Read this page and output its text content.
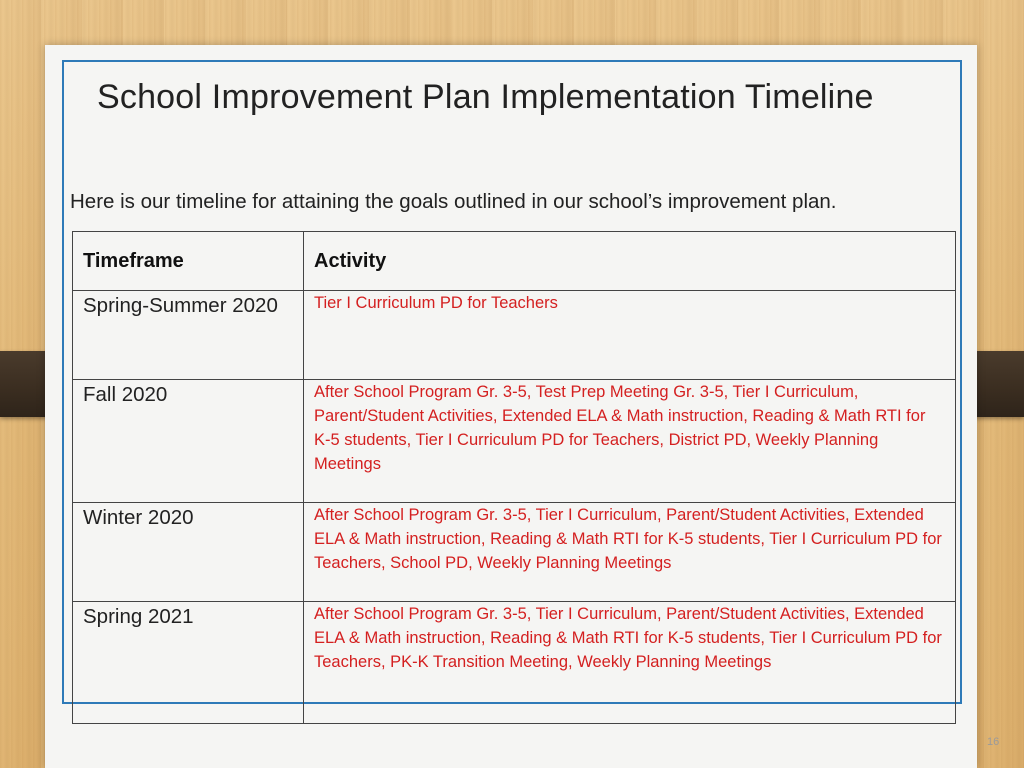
School Improvement Plan Implementation Timeline
Here is our timeline for attaining the goals outlined in our school’s improvement plan.
Timeframe	Activity
Spring-Summer 2020	Tier I Curriculum PD for Teachers
Fall 2020	After School Program Gr. 3-5, Test Prep Meeting Gr. 3-5, Tier I Curriculum, Parent/Student Activities, Extended ELA & Math instruction, Reading & Math RTI for K-5 students, Tier I Curriculum PD for Teachers, District PD, Weekly Planning Meetings
Winter 2020	After School Program Gr. 3-5, Tier I Curriculum, Parent/Student Activities, Extended ELA & Math instruction, Reading & Math RTI for K-5 students, Tier I Curriculum PD for Teachers, School PD, Weekly Planning Meetings
Spring 2021	After School Program Gr. 3-5, Tier I Curriculum, Parent/Student Activities, Extended ELA & Math instruction, Reading & Math RTI for K-5 students, Tier I Curriculum PD for Teachers, PK-K Transition Meeting, Weekly Planning Meetings
16
